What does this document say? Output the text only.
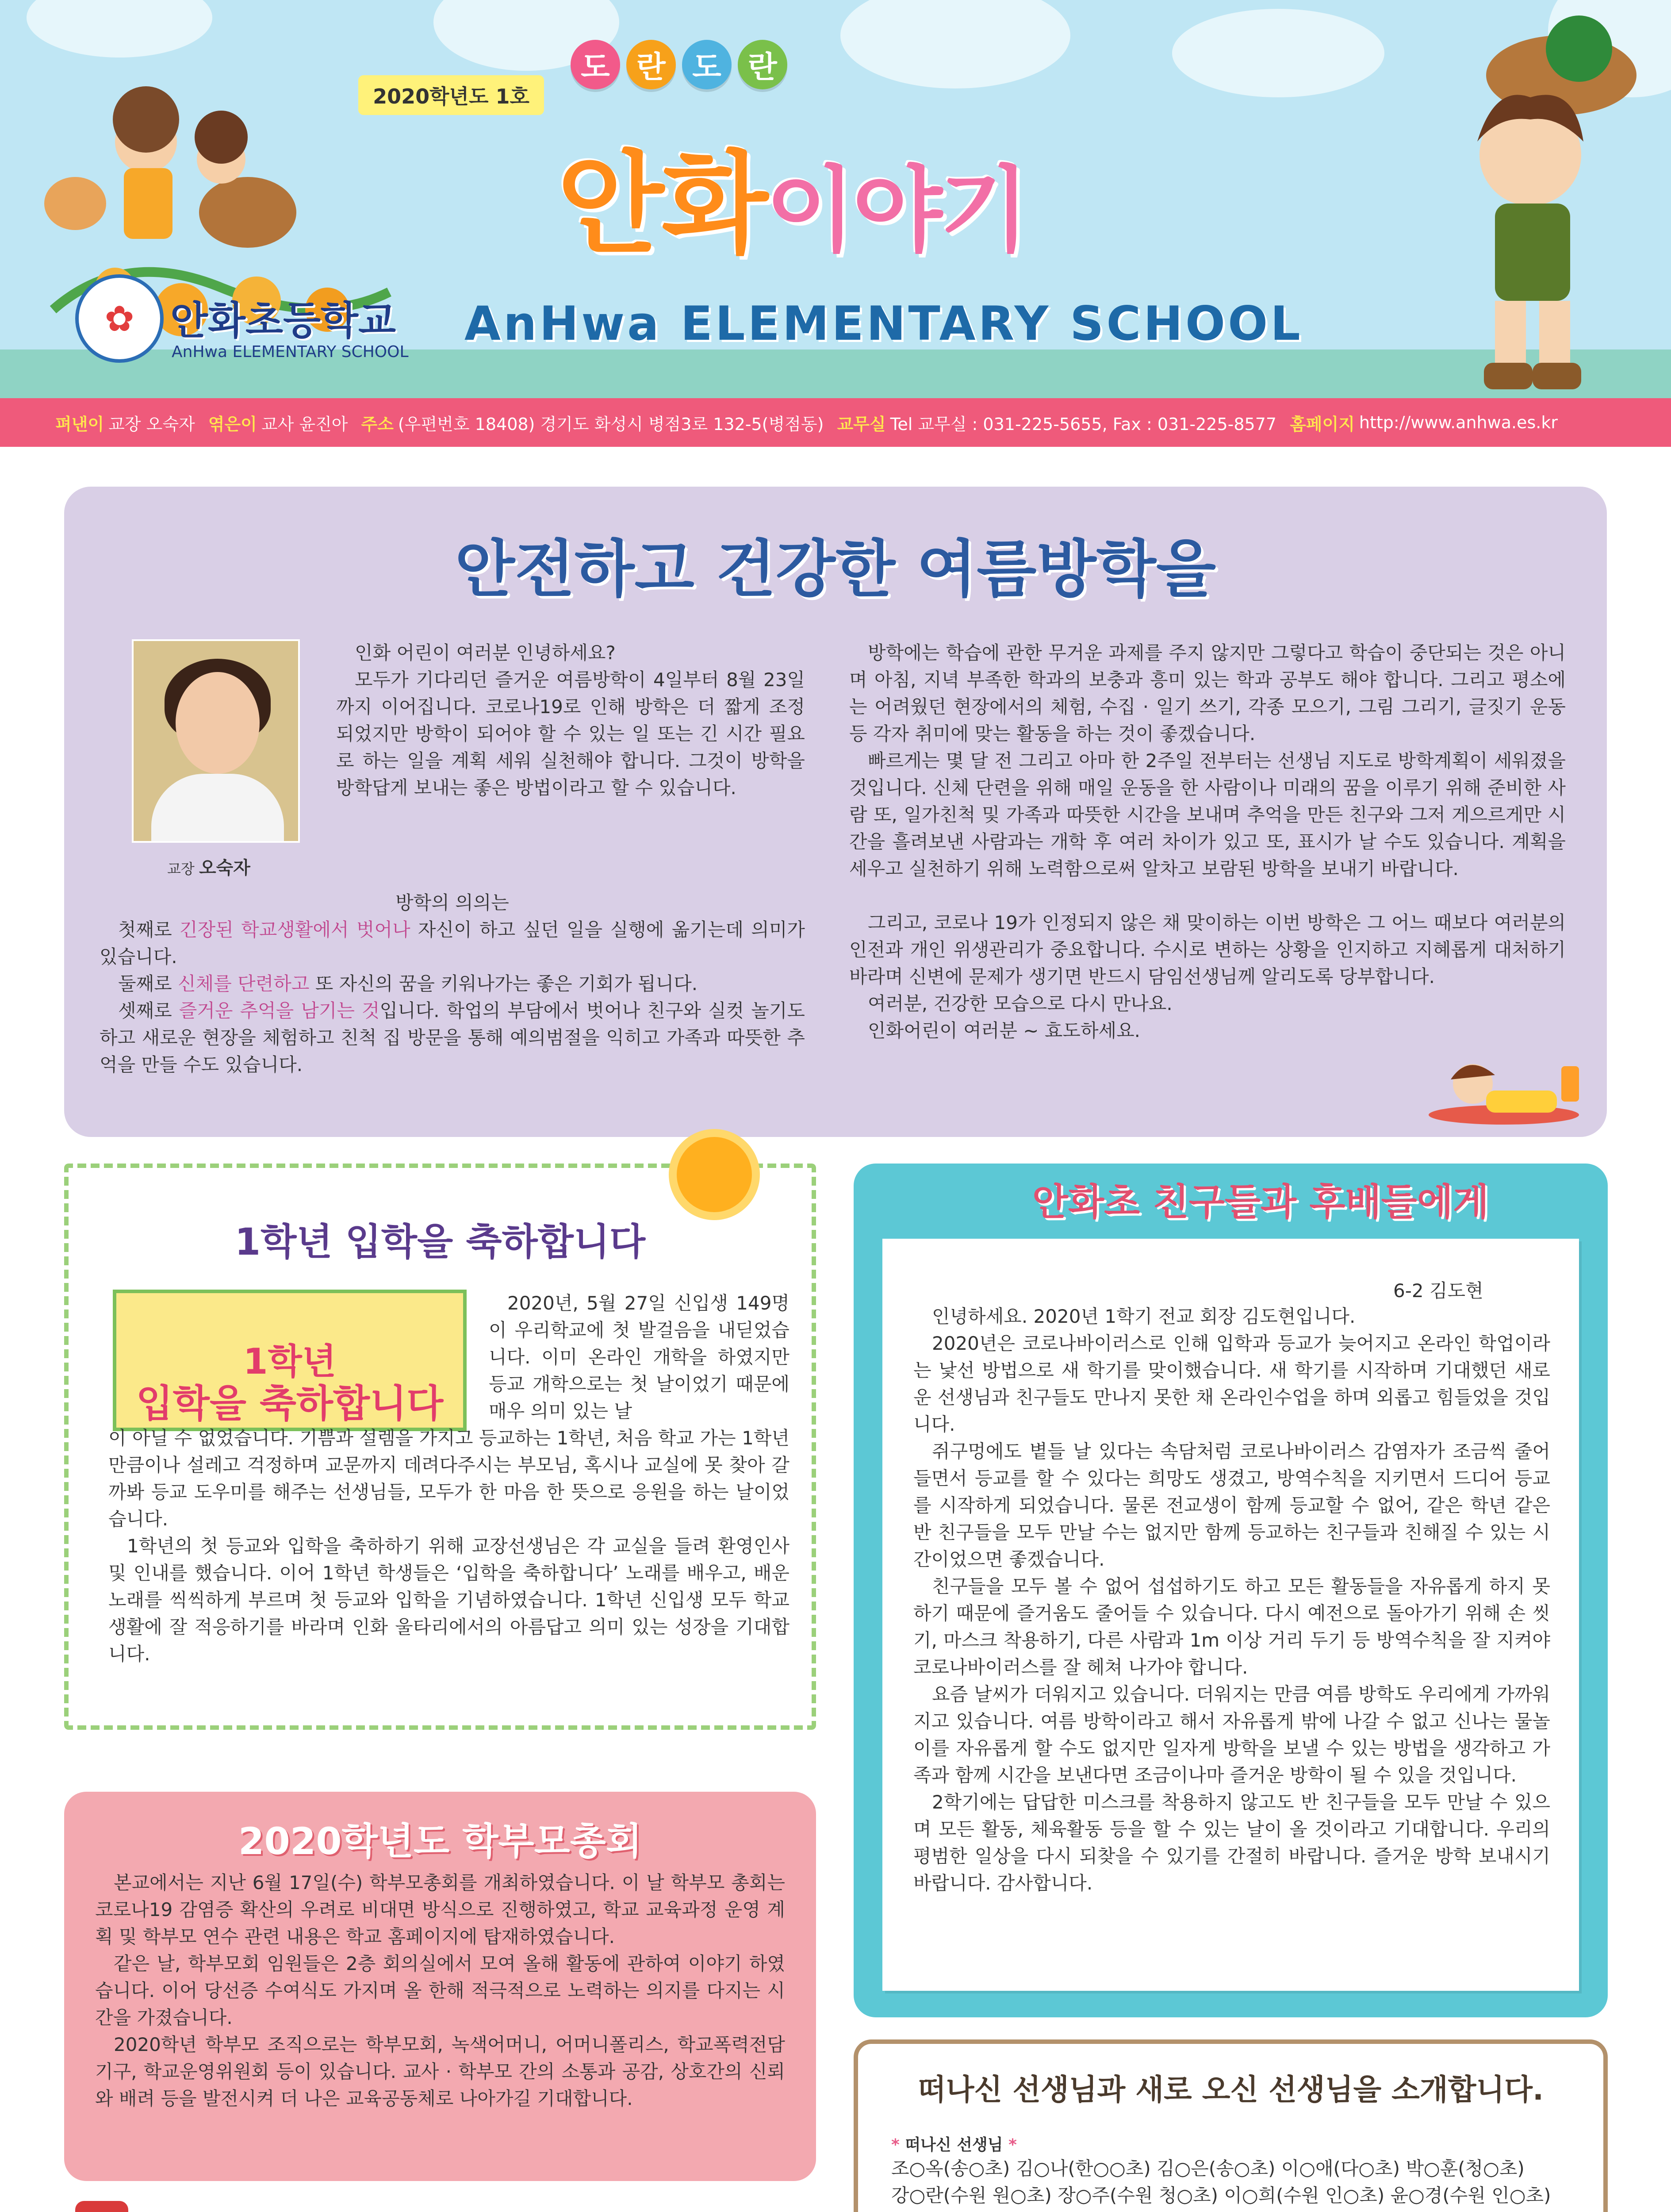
✿ 안화초등학교
AnHwa ELEMENTARY SCHOOL
2020학년도 1호
도 란 도 란
안화이야기
AnHwa ELEMENTARY SCHOOL
펴낸이 교장 오숙자 엮은이 교사 윤진아 주소 (우편번호 18408) 경기도 화성시 병점3로 132-5(병점동) 교무실 Tel 교무실 : 031-225-5655, Fax : 031-225-8577 홈페이지 http://www.anhwa.es.kr
안전하고 건강한 여름방학을
교장 오숙자

인화 어린이 여러분 인녕하세요?

모두가 기다리던 즐거운 여름방학이 4일부터 8월 23일까지 이어집니다. 코로나19로 인해 방학은 더 짧게 조정 되었지만 방학이 되어야 할 수 있는 일 또는 긴 시간 필요로 하는 일을 계획 세워 실천해야 합니다. 그것이 방학을 방학답게 보내는 좋은 방법이라고 할 수 있습니다.

방학의 의의는

첫째로 긴장된 학교생활에서 벗어나 자신이 하고 싶던 일을 실행에 옮기는데 의미가 있습니다.

둘째로 신체를 단련하고 또 자신의 꿈을 키워나가는 좋은 기회가 됩니다.

셋째로 즐거운 추억을 남기는 것입니다. 학업의 부담에서 벗어나 친구와 실컷 놀기도 하고 새로운 현장을 체험하고 친척 집 방문을 통해 예의범절을 익히고 가족과 따뜻한 추억을 만들 수도 있습니다.

방학에는 학습에 관한 무거운 과제를 주지 않지만 그렇다고 학습이 중단되는 것은 아니며 아침, 지녁 부족한 학과의 보충과 흥미 있는 학과 공부도 해야 합니다. 그리고 평소에는 어려웠던 현장에서의 체험, 수집 · 일기 쓰기, 각종 모으기, 그림 그리기, 글짓기 운동 등 각자 취미에 맞는 활동을 하는 것이 좋겠습니다.

빠르게는 몇 달 전 그리고 아마 한 2주일 전부터는 선생님 지도로 방학계획이 세워졌을 것입니다. 신체 단련을 위해 매일 운동을 한 사람이나 미래의 꿈을 이루기 위해 준비한 사람 또, 일가친척 및 가족과 따뜻한 시간을 보내며 추억을 만든 친구와 그저 게으르게만 시간을 흘려보낸 사람과는 개학 후 여러 차이가 있고 또, 표시가 날 수도 있습니다. 계획을 세우고 실천하기 위해 노력함으로써 알차고 보람된 방학을 보내기 바랍니다.

그리고, 코로나 19가 인정되지 않은 채 맞이하는 이번 방학은 그 어느 때보다 여러분의 인전과 개인 위생관리가 중요합니다. 수시로 변하는 상황을 인지하고 지혜롭게 대처하기 바라며 신변에 문제가 생기면 반드시 담임선생님께 알리도록 당부합니다.

여러분, 건강한 모습으로 다시 만나요.

인화어린이 여러분 ~ 효도하세요.

1학년 입학을 축하합니다
1학년
입학을 축하합니다

2020년, 5월 27일 신입생 149명이 우리학교에 첫 발걸음을 내딛었습니다. 이미 온라인 개학을 하였지만 등교 개학으로는 첫 날이었기 때문에 매우 의미 있는 날

이 아닐 수 없었습니다. 기쁨과 설렘을 가지고 등교하는 1학년, 처음 학교 가는 1학년만큼이나 설레고 걱정하며 교문까지 데려다주시는 부모님, 혹시나 교실에 못 찾아 갈까봐 등교 도우미를 해주는 선생님들, 모두가 한 마음 한 뜻으로 응원을 하는 날이었습니다.

1학년의 첫 등교와 입학을 축하하기 위해 교장선생님은 각 교실을 들려 환영인사 및 인내를 했습니다. 이어 1학년 학생들은 ‘입학을 축하합니다’ 노래를 배우고, 배운 노래를 씩씩하게 부르며 첫 등교와 입학을 기념하였습니다. 1학년 신입생 모두 학교 생활에 잘 적응하기를 바라며 인화 울타리에서의 아름답고 의미 있는 성장을 기대합니다.

2020학년도 학부모총회

본교에서는 지난 6월 17일(수) 학부모총회를 개최하였습니다. 이 날 학부모 총회는 코로나19 감염증 확산의 우려로 비대면 방식으로 진행하였고, 학교 교육과정 운영 계획 및 학부모 연수 관련 내용은 학교 홈페이지에 탑재하였습니다.

같은 날, 학부모회 임원들은 2층 회의실에서 모여 올해 활동에 관하여 이야기 하였습니다. 이어 당선증 수여식도 가지며 올 한해 적극적으로 노력하는 의지를 다지는 시간을 가졌습니다.

2020학년 학부모 조직으로는 학부모회, 녹색어머니, 어머니폴리스, 학교폭력전담기구, 학교운영위원회 등이 있습니다. 교사 · 학부모 간의 소통과 공감, 상호간의 신뢰와 배려 등을 발전시켜 더 나은 교육공동체로 나아가길 기대합니다.

안화초 친구들과 후배들에게
6-2 김도현

인녕하세요. 2020년 1학기 전교 회장 김도현입니다.

2020년은 코로나바이러스로 인해 입학과 등교가 늦어지고 온라인 학업이라는 낯선 방법으로 새 학기를 맞이했습니다. 새 학기를 시작하며 기대했던 새로운 선생님과 친구들도 만나지 못한 채 온라인수업을 하며 외롭고 힘들었을 것입니다.

쥐구멍에도 볕들 날 있다는 속담처럼 코로나바이러스 감염자가 조금씩 줄어들면서 등교를 할 수 있다는 희망도 생겼고, 방역수칙을 지키면서 드디어 등교를 시작하게 되었습니다. 물론 전교생이 함께 등교할 수 없어, 같은 학년 같은 반 친구들을 모두 만날 수는 없지만 함께 등교하는 친구들과 친해질 수 있는 시간이었으면 좋겠습니다.

친구들을 모두 볼 수 없어 섭섭하기도 하고 모든 활동들을 자유롭게 하지 못하기 때문에 즐거움도 줄어들 수 있습니다. 다시 예전으로 돌아가기 위해 손 씻기, 마스크 착용하기, 다른 사람과 1m 이상 거리 두기 등 방역수칙을 잘 지켜야 코로나바이러스를 잘 헤쳐 나가야 합니다.

요즘 날씨가 더워지고 있습니다. 더워지는 만큼 여름 방학도 우리에게 가까워지고 있습니다. 여름 방학이라고 해서 자유롭게 밖에 나갈 수 없고 신나는 물놀이를 자유롭게 할 수도 없지만 일자게 방학을 보낼 수 있는 방법을 생각하고 가족과 함께 시간을 보낸다면 조금이나마 즐거운 방학이 될 수 있을 것입니다.

2학기에는 답답한 미스크를 착용하지 않고도 반 친구들을 모두 만날 수 있으며 모든 활동, 체육활동 등을 할 수 있는 날이 올 것이라고 기대합니다. 우리의 평범한 일상을 다시 되찾을 수 있기를 간절히 바랍니다. 즐거운 방학 보내시기 바랍니다. 감사합니다.

떠나신 선생님과 새로 오신 선생님을 소개합니다.
* 떠나신 선생님 *
조○옥(송○초) 김○나(한○○초) 김○은(송○초) 이○애(다○초) 박○훈(청○초)
강○란(수원 원○초) 장○주(수원 청○초) 이○희(수원 인○초) 윤○경(수원 인○초)
